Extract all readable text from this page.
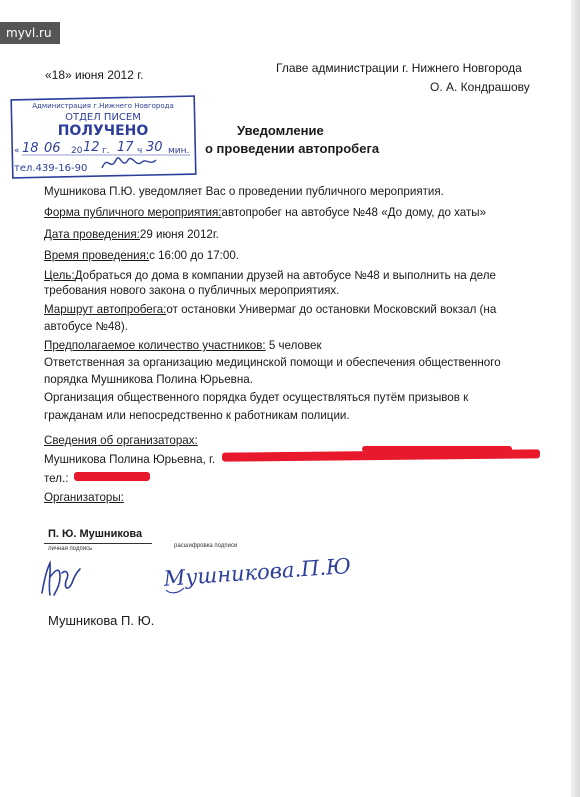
myvl.ru
«18» июня 2012 г.	Главе администрации г. Нижнего Новгорода
О. А. Кондрашову
Администрация г.Нижнего Новгорода
ОТДЕЛ ПИСЕМ
ПОЛУЧЕНО
« 18 06 20 12 г. 17 ч 30 мин.
тел.439-16-90
Уведомление
о проведении автопробега
Мушникова П.Ю. уведомляет Вас о проведении публичного мероприятия.
Форма публичного мероприятия:автопробег на автобусе №48 «До дому, до хаты»
Дата проведения:29 июня 2012г.
Время проведения:с 16:00 до 17:00.
Цель:Добраться до дома в компании друзей на автобусе №48 и выполнить на деле
требования нового закона о публичных мероприятиях.
Маршрут автопробега:от остановки Универмаг до остановки Московский вокзал (на
автобусе №48).
Предполагаемое количество участников: 5 человек
Ответственная за организацию медицинской помощи и обеспечения общественного
порядка Мушникова Полина Юрьевна.
Организация общественного порядка будет осуществляться путём призывов к
гражданам или непосредственно к работникам полиции.
Сведения об организаторах:
Мушникова Полина Юрьевна, г.
тел.:
Организаторы:
П. Ю. Мушникова
личная подпись	расшифровка подписи
Мушникова.П.Ю
Мушникова П. Ю.
